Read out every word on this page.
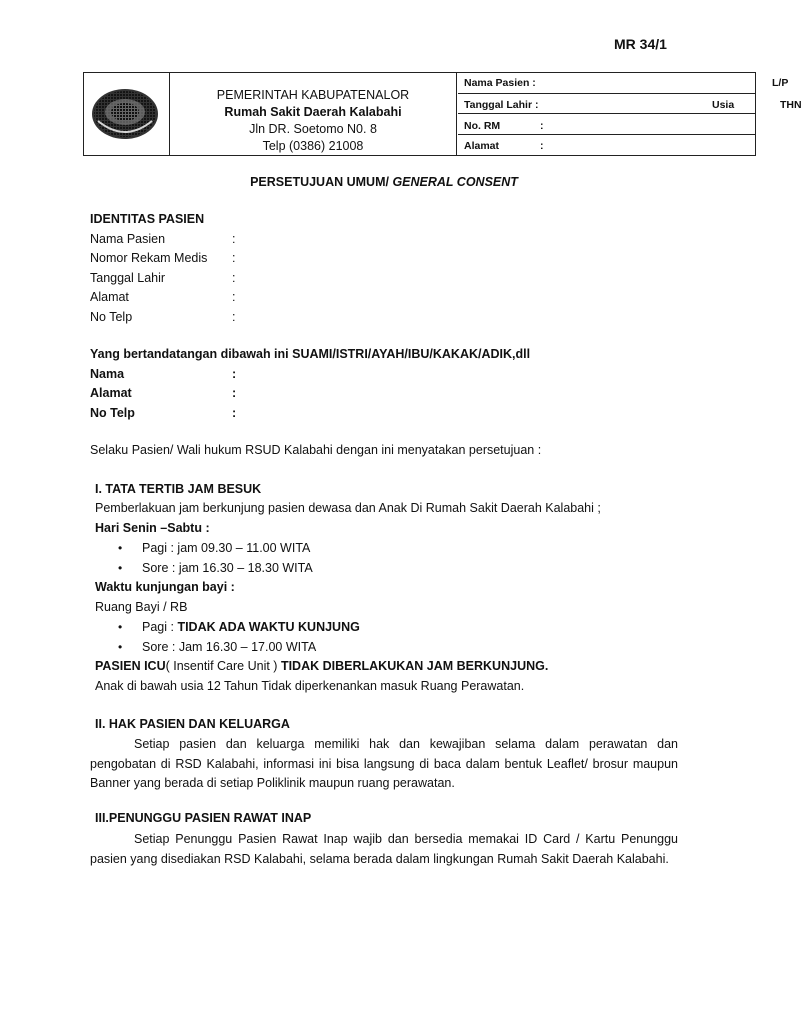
MR 34/1
PEMERINTAH KABUPATENALOR
Rumah Sakit Daerah Kalabahi
Jln DR. Soetomo N0. 8
Telp (0386) 21008
Nama Pasien :	L/P
Tanggal Lahir :	Usia	THN
No. RM	:
Alamat	:
PERSETUJUAN UMUM/ GENERAL CONSENT
IDENTITAS PASIEN
Nama Pasien	:
Nomor Rekam Medis :
Tanggal Lahir	:
Alamat	:
No Telp	:
Yang bertandatangan dibawah ini SUAMI/ISTRI/AYAH/IBU/KAKAK/ADIK,dll
Nama	:
Alamat	:
No Telp	:
Selaku Pasien/ Wali hukum RSUD Kalabahi dengan ini menyatakan persetujuan :
I. TATA TERTIB JAM BESUK
Pemberlakuan jam berkunjung pasien dewasa dan Anak Di Rumah Sakit Daerah Kalabahi ;
Hari Senin –Sabtu :
• Pagi : jam 09.30 – 11.00 WITA
• Sore : jam 16.30 – 18.30 WITA
Waktu kunjungan bayi :
Ruang Bayi / RB
• Pagi : TIDAK ADA WAKTU KUNJUNG
• Sore : Jam 16.30 – 17.00 WITA
PASIEN ICU( Insentif Care Unit ) TIDAK DIBERLAKUKAN JAM BERKUNJUNG.
Anak di bawah usia 12 Tahun Tidak diperkenankan masuk Ruang Perawatan.
II. HAK PASIEN DAN KELUARGA
Setiap pasien dan keluarga memiliki hak dan kewajiban selama dalam perawatan dan pengobatan di RSD Kalabahi, informasi ini bisa langsung di baca dalam bentuk Leaflet/ brosur maupun Banner yang berada di setiap Poliklinik maupun ruang perawatan.
III.PENUNGGU PASIEN RAWAT INAP
Setiap Penunggu Pasien Rawat Inap wajib dan bersedia memakai ID Card / Kartu Penunggu pasien yang disediakan RSD Kalabahi, selama berada dalam lingkungan Rumah Sakit Daerah Kalabahi.
